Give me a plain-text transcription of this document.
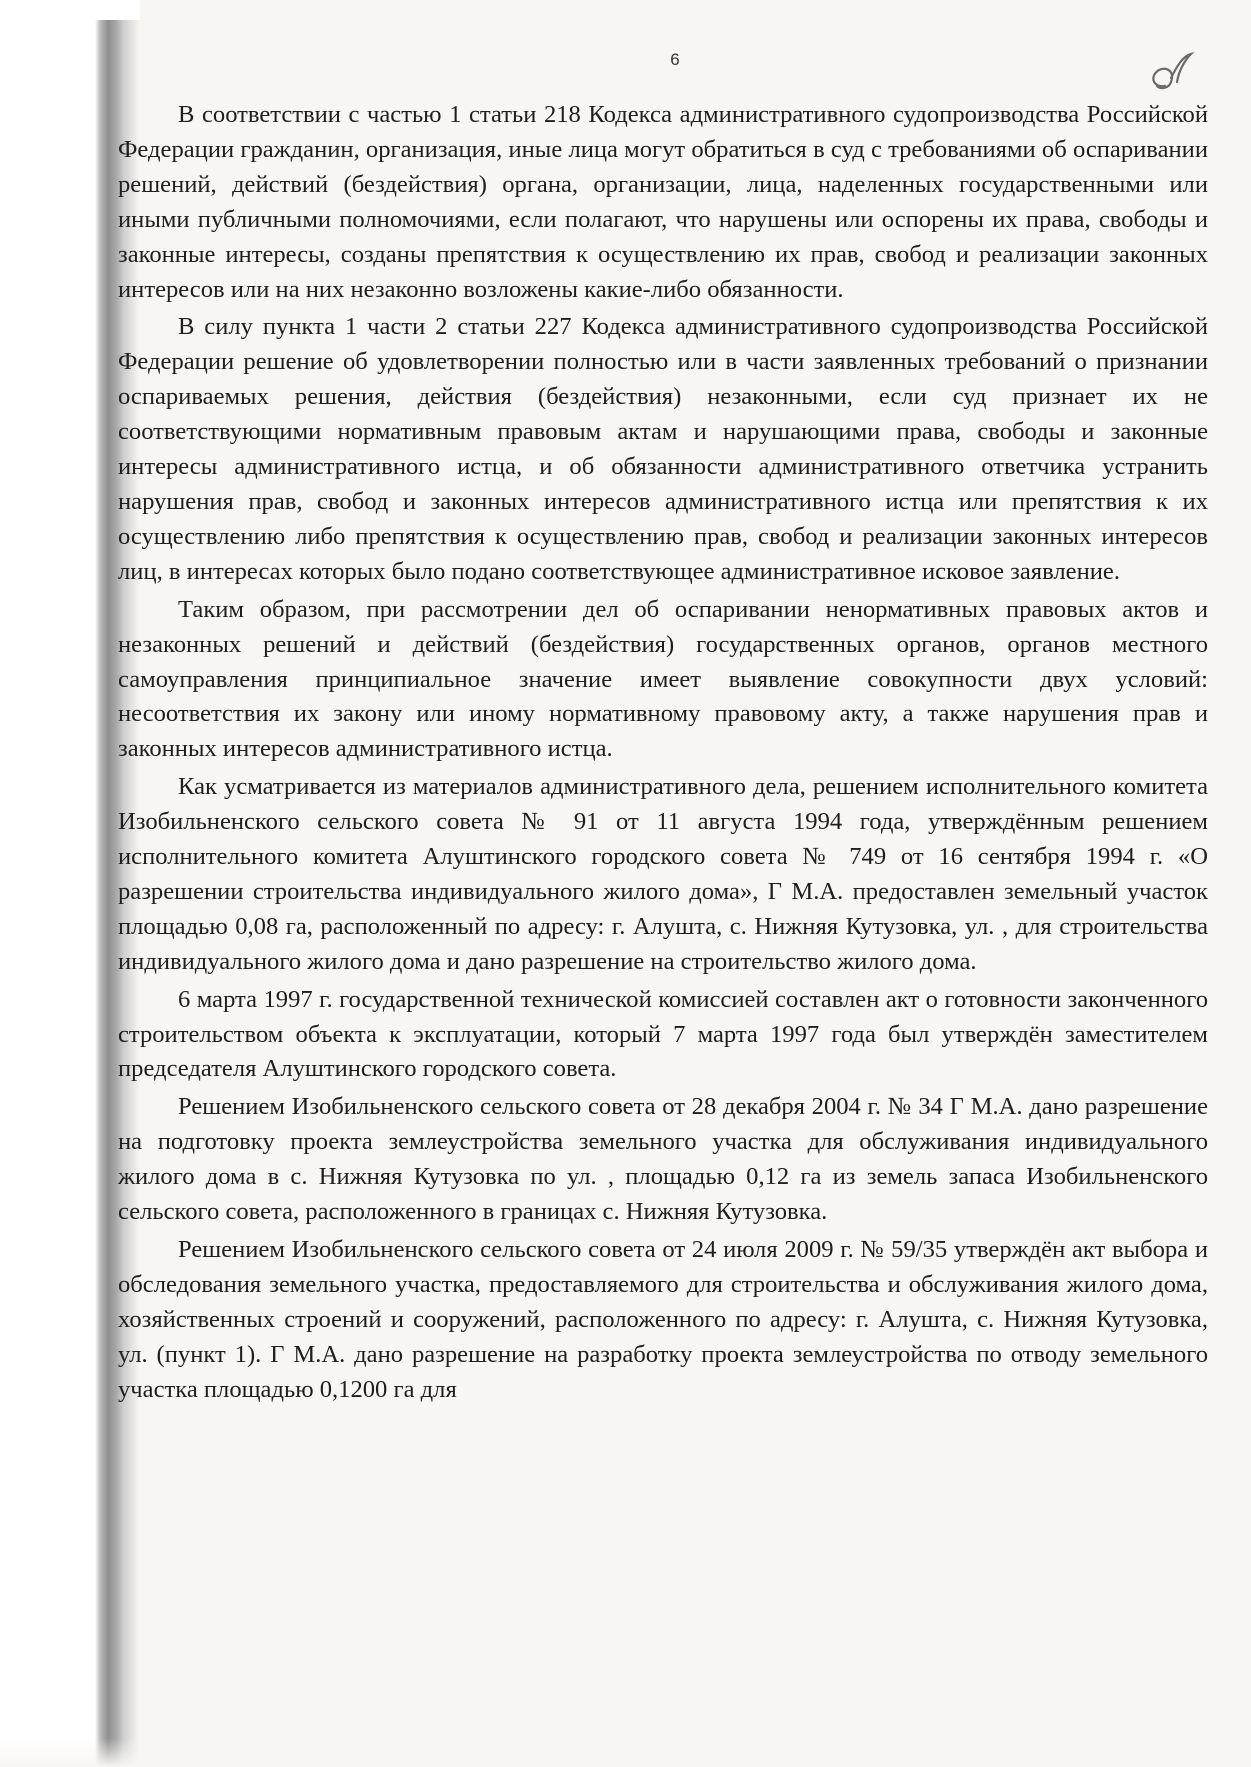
6

В соответствии с частью 1 статьи 218 Кодекса административного судопроизводства Российской Федерации гражданин, организация, иные лица могут обратиться в суд с требованиями об оспаривании решений, действий (бездействия) органа, организации, лица, наделенных государственными или иными публичными полномочиями, если полагают, что нарушены или оспорены их права, свободы и законные интересы, созданы препятствия к осуществлению их прав, свобод и реализации законных интересов или на них незаконно возложены какие-либо обязанности.

В силу пункта 1 части 2 статьи 227 Кодекса административного судопроизводства Российской Федерации решение об удовлетворении полностью или в части заявленных требований о признании оспариваемых решения, действия (бездействия) незаконными, если суд признает их не соответствующими нормативным правовым актам и нарушающими права, свободы и законные интересы административного истца, и об обязанности административного ответчика устранить нарушения прав, свобод и законных интересов административного истца или препятствия к их осуществлению либо препятствия к осуществлению прав, свобод и реализации законных интересов лиц, в интересах которых было подано соответствующее административное исковое заявление.

Таким образом, при рассмотрении дел об оспаривании ненормативных правовых актов и незаконных решений и действий (бездействия) государственных органов, органов местного самоуправления принципиальное значение имеет выявление совокупности двух условий: несоответствия их закону или иному нормативному правовому акту, а также нарушения прав и законных интересов административного истца.

Как усматривается из материалов административного дела, решением исполнительного комитета Изобильненского сельского совета № 91 от 11 августа 1994 года, утверждённым решением исполнительного комитета Алуштинского городского совета № 749 от 16 сентября 1994 г. «О разрешении строительства индивидуального жилого дома», Г М.А. предоставлен земельный участок площадью 0,08 га, расположенный по адресу: г. Алушта, с. Нижняя Кутузовка, ул. , для строительства индивидуального жилого дома и дано разрешение на строительство жилого дома.

6 марта 1997 г. государственной технической комиссией составлен акт о готовности законченного строительством объекта к эксплуатации, который 7 марта 1997 года был утверждён заместителем председателя Алуштинского городского совета.

Решением Изобильненского сельского совета от 28 декабря 2004 г. № 34 Г М.А. дано разрешение на подготовку проекта землеустройства земельного участка для обслуживания индивидуального жилого дома в с. Нижняя Кутузовка по ул. , площадью 0,12 га из земель запаса Изобильненского сельского совета, расположенного в границах с. Нижняя Кутузовка.

Решением Изобильненского сельского совета от 24 июля 2009 г. № 59/35 утверждён акт выбора и обследования земельного участка, предоставляемого для строительства и обслуживания жилого дома, хозяйственных строений и сооружений, расположенного по адресу: г. Алушта, с. Нижняя Кутузовка, ул. (пункт 1). Г М.А. дано разрешение на разработку проекта землеустройства по отводу земельного участка площадью 0,1200 га для
